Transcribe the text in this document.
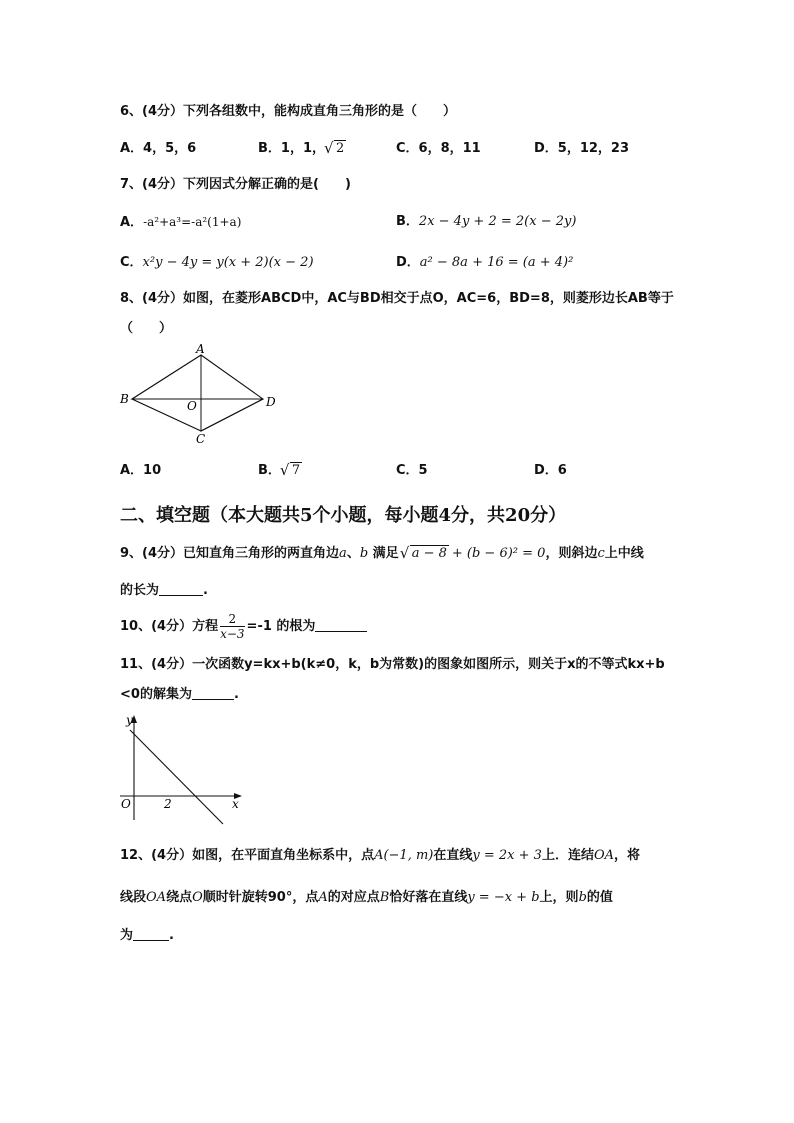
6、(4分）下列各组数中，能构成直角三角形的是（　　）
A．4，5，6	B．1，1， √ 2	C．6，8，11	D．5，12，23
7、(4分）下列因式分解正确的是(　　)
A．-a²+a³=-a²(1+a)	B．2x − 4y + 2 = 2(x − 2y)
C．x²y − 4y = y(x + 2)(x − 2)	D．a² − 8a + 16 = (a + 4)²
8、(4分）如图，在菱形ABCD中，AC与BD相交于点O，AC=6，BD=8，则菱形边长AB等于
（　　）
A
B	D
C
O
A．10	B． √ 7	C．5	D．6
二、填空题（本大题共5个小题，每小题4分，共20分）
9、(4分）已知直角三角形的两直角边a、b 满足 √ a − 8 + (b − 6)² = 0，则斜边c上中线
的长为	.
10、(4分）方程 $\frac{2}{x-3} =-1$ 的根为
11、(4分）一次函数y=kx+b(k≠0，k，b为常数)的图象如图所示，则关于x的不等式kx+b
<0的解集为	.
y
x
O	2
12、(4分）如图，在平面直角坐标系中，点A(−1, m)在直线y = 2x + 3上．连结OA，将
线段OA绕点O顺时针旋转90°，点A的对应点B恰好落在直线y = −x + b上，则b的值
为	.
